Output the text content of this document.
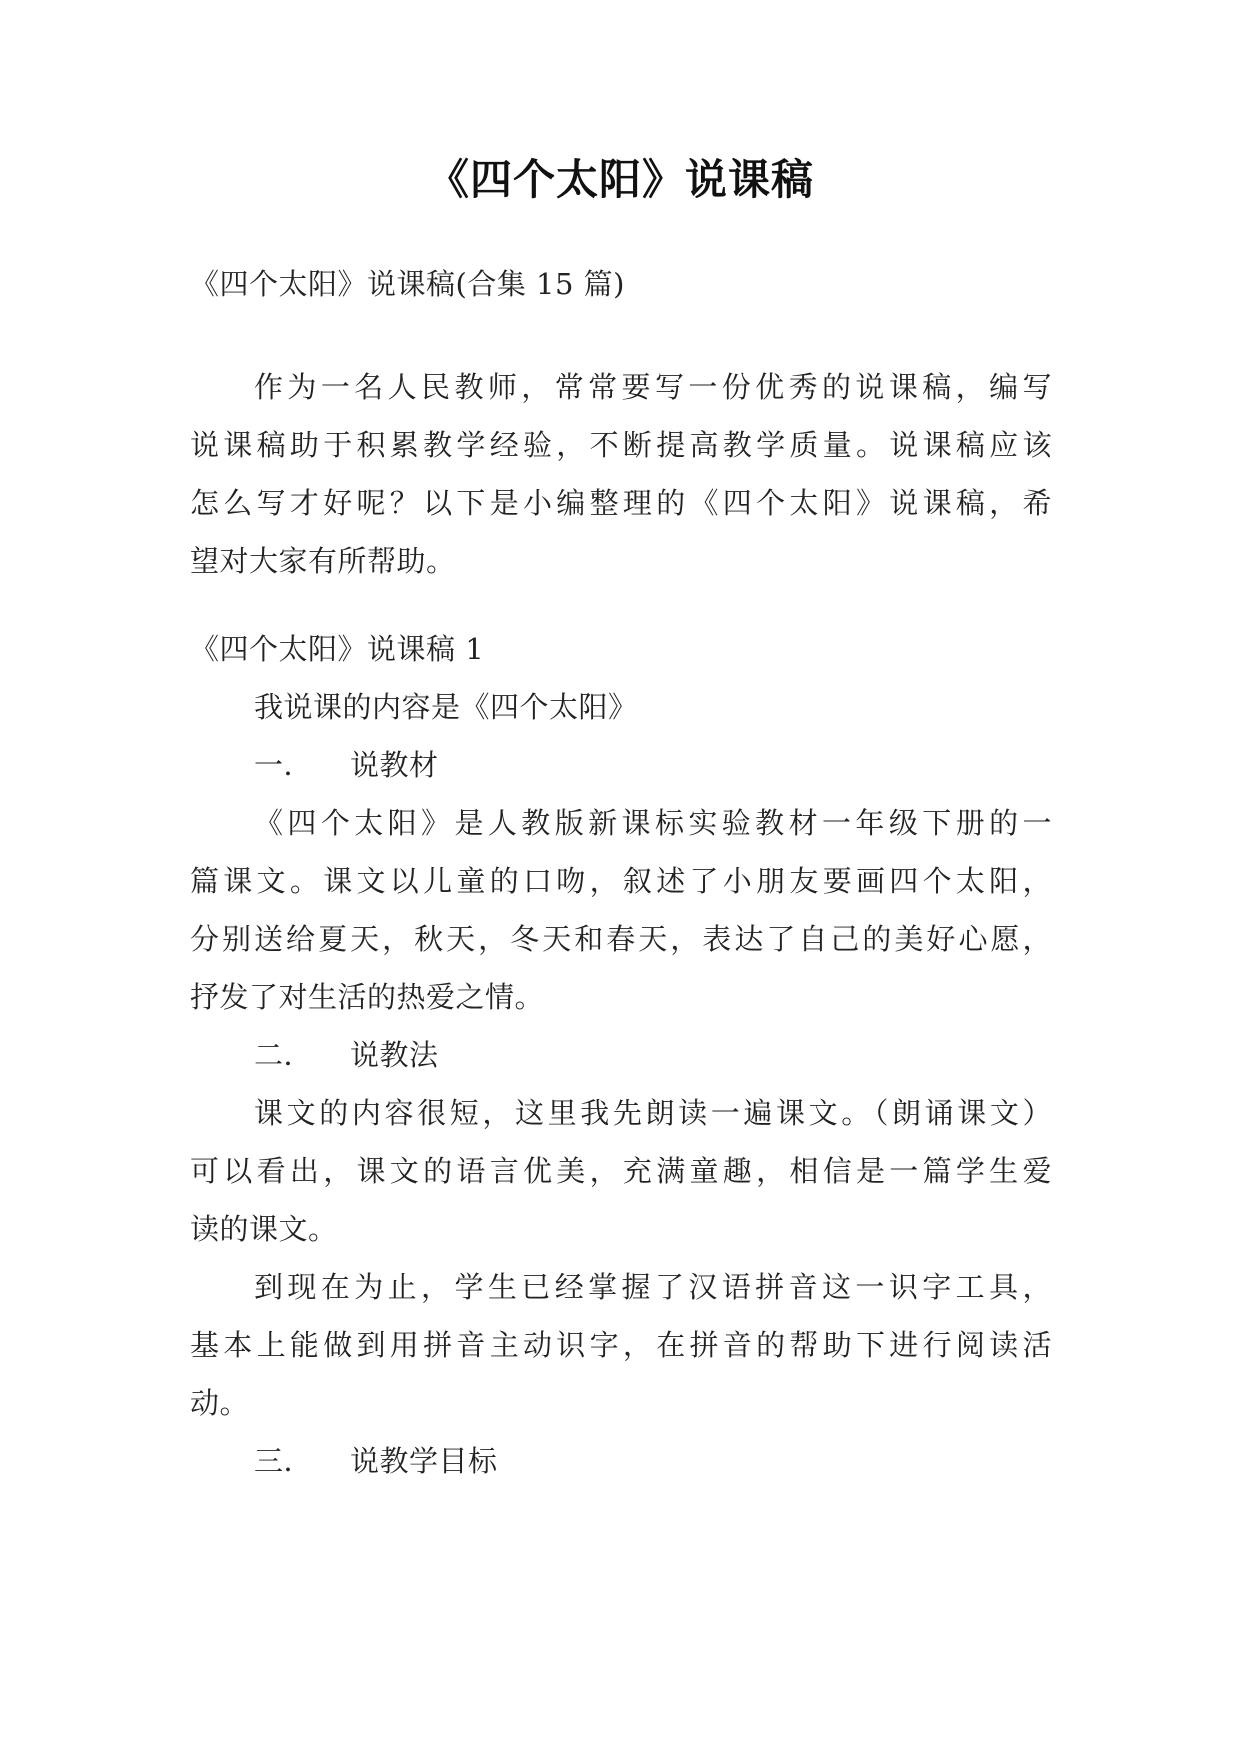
《四个太阳》说课稿
《四个太阳》说课稿(合集 15 篇)
作为一名人民教师，常常要写一份优秀的说课稿，编写
说课稿助于积累教学经验，不断提高教学质量。说课稿应该
怎么写才好呢？以下是小编整理的《四个太阳》说课稿，希
望对大家有所帮助。
《四个太阳》说课稿 1
我说课的内容是《四个太阳》
一． 说教材
《四个太阳》是人教版新课标实验教材一年级下册的一
篇课文。课文以儿童的口吻，叙述了小朋友要画四个太阳，
分别送给夏天，秋天，冬天和春天，表达了自己的美好心愿，
抒发了对生活的热爱之情。
二． 说教法
课文的内容很短，这里我先朗读一遍课文。（朗诵课文）
可以看出，课文的语言优美，充满童趣，相信是一篇学生爱
读的课文。
到现在为止，学生已经掌握了汉语拼音这一识字工具，
基本上能做到用拼音主动识字，在拼音的帮助下进行阅读活
动。
三． 说教学目标
